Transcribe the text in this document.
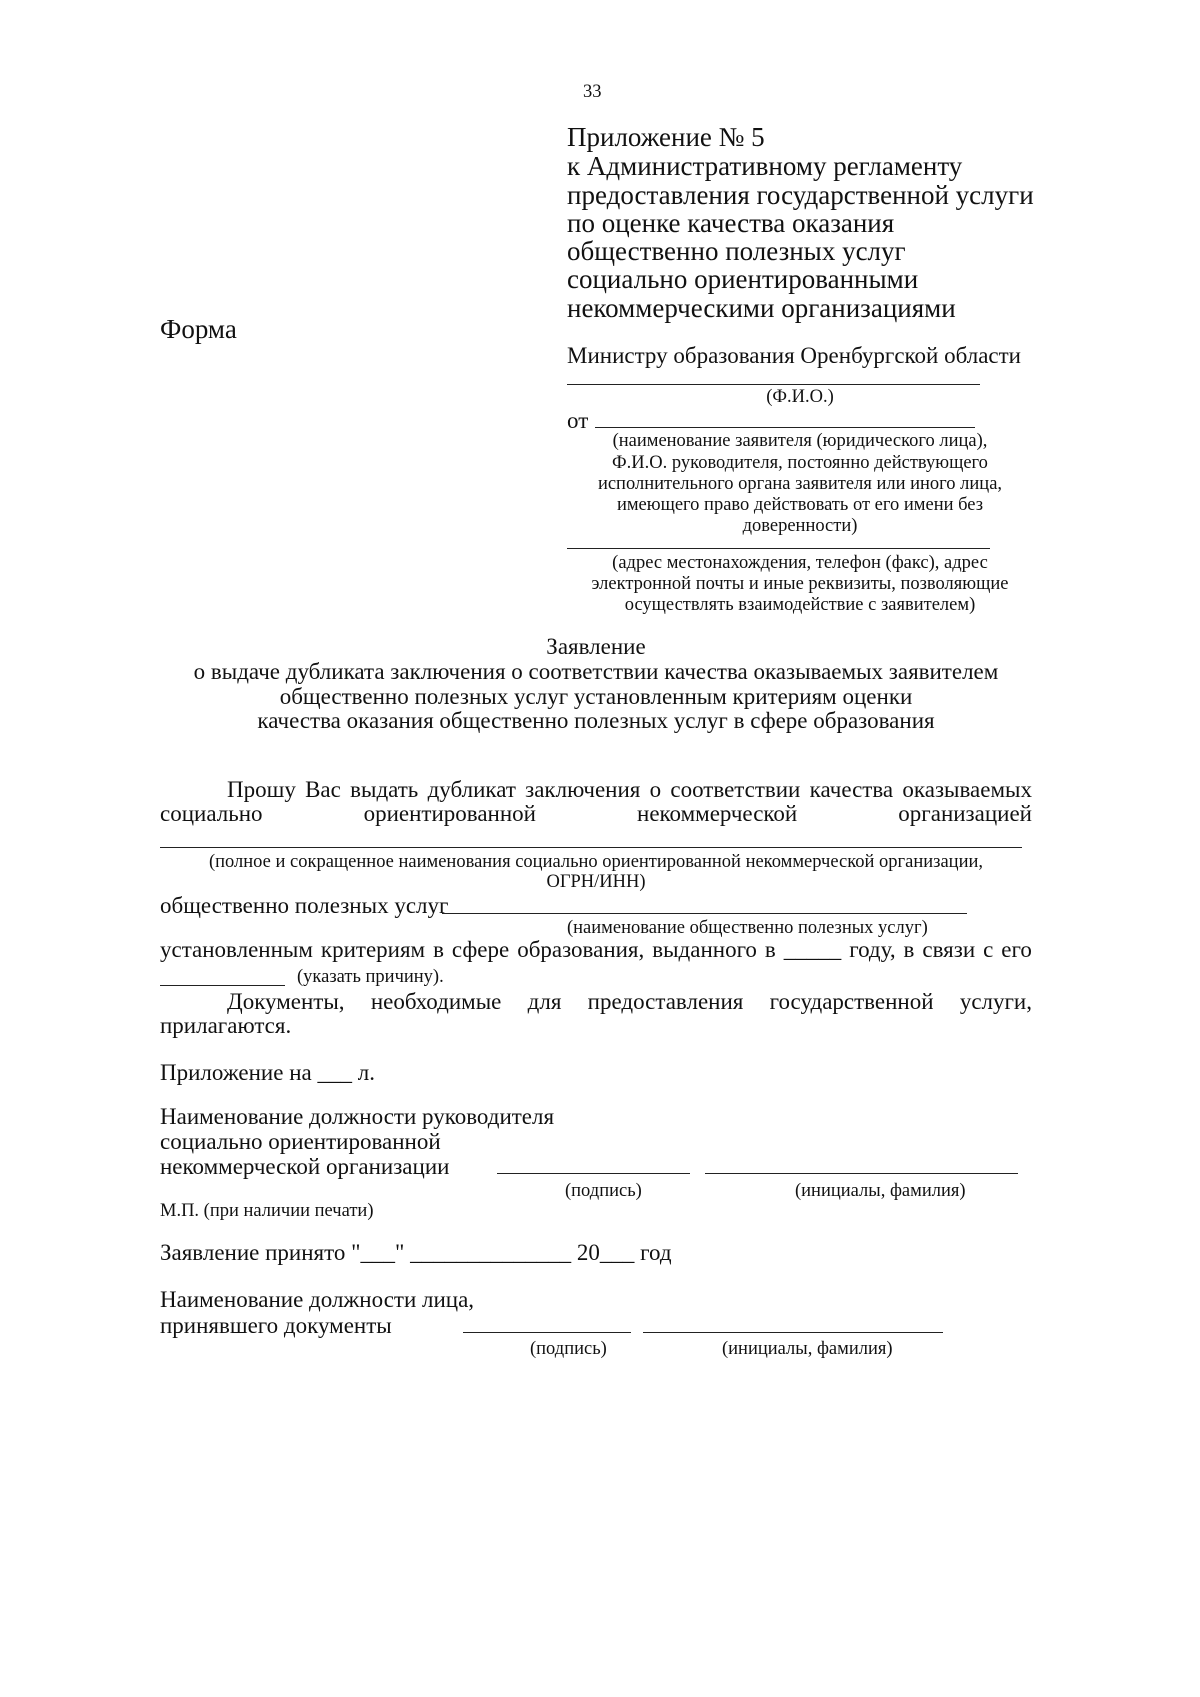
33
Приложение № 5
к Административному регламенту
предоставления государственной услуги
по оценке качества оказания
общественно полезных услуг
социально ориентированными
некоммерческими организациями
Форма
Министру образования Оренбургской области
(Ф.И.О.)
от
(наименование заявителя (юридического лица),
Ф.И.О. руководителя, постоянно действующего
исполнительного органа заявителя или иного лица,
имеющего право действовать от его имени без
доверенности)
(адрес местонахождения, телефон (факс), адрес
электронной почты и иные реквизиты, позволяющие
осуществлять взаимодействие с заявителем)
Заявление
о выдаче дубликата заключения о соответствии качества оказываемых заявителем
общественно полезных услуг установленным критериям оценки
качества оказания общественно полезных услуг в сфере образования
Прошу Вас выдать дубликат заключения о соответствии качества оказываемых
социально	ориентированной	некоммерческой	организацией
(полное и сокращенное наименования социально ориентированной некоммерческой организации,
ОГРН/ИНН)
общественно полезных услуг
(наименование общественно полезных услуг)
установленным критериям в сфере образования, выданного в _____ году, в связи с его
(указать причину).
Документы, необходимые для предоставления государственной услуги,
прилагаются.
Приложение на ___ л.
Наименование должности руководителя
социально ориентированной
некоммерческой организации
(подпись)	(инициалы, фамилия)
М.П. (при наличии печати)
Заявление принято "___" ______________ 20___ год
Наименование должности лица,
принявшего документы
(подпись)	(инициалы, фамилия)
